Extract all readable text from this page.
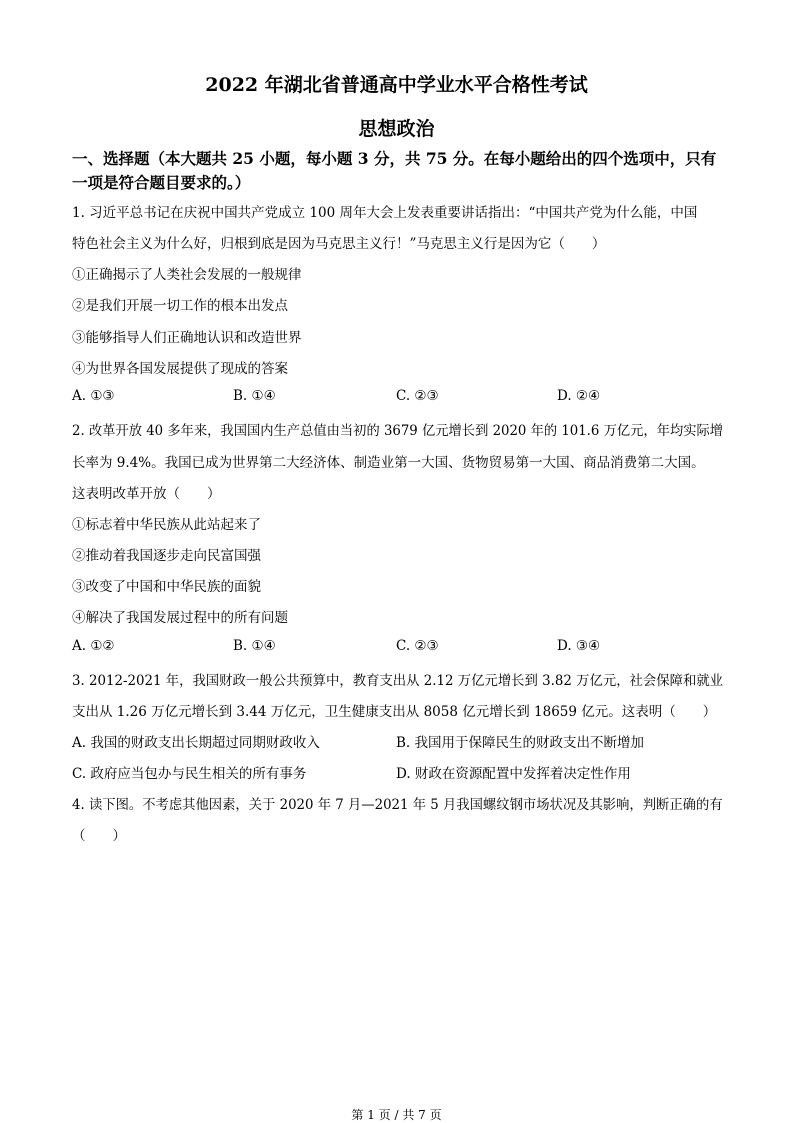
2022 年湖北省普通高中学业水平合格性考试
思想政治
一、选择题（本大题共 25 小题，每小题 3 分，共 75 分。在每小题给出的四个选项中，只有
一项是符合题目要求的。）
1. 习近平总书记在庆祝中国共产党成立 100 周年大会上发表重要讲话指出：“中国共产党为什么能，中国
特色社会主义为什么好，归根到底是因为马克思主义行！”马克思主义行是因为它（　　）
①正确揭示了人类社会发展的一般规律
②是我们开展一切工作的根本出发点
③能够指导人们正确地认识和改造世界
④为世界各国发展提供了现成的答案
A. ①③	B. ①④	C. ②③	D. ②④
2. 改革开放 40 多年来，我国国内生产总值由当初的 3679 亿元增长到 2020 年的 101.6 万亿元，年均实际增
长率为 9.4%。我国已成为世界第二大经济体、制造业第一大国、货物贸易第一大国、商品消费第二大国。
这表明改革开放（　　）
①标志着中华民族从此站起来了
②推动着我国逐步走向民富国强
③改变了中国和中华民族的面貌
④解决了我国发展过程中的所有问题
A. ①②	B. ①④	C. ②③	D. ③④
3. 2012-2021 年，我国财政一般公共预算中，教育支出从 2.12 万亿元增长到 3.82 万亿元，社会保障和就业
支出从 1.26 万亿元增长到 3.44 万亿元，卫生健康支出从 8058 亿元增长到 18659 亿元。这表明（　　）
A. 我国的财政支出长期超过同期财政收入	B. 我国用于保障民生的财政支出不断增加
C. 政府应当包办与民生相关的所有事务	D. 财政在资源配置中发挥着决定性作用
4. 读下图。不考虑其他因素，关于 2020 年 7 月—2021 年 5 月我国螺纹钢市场状况及其影响，判断正确的有
（　　）
第 1 页 / 共 7 页
